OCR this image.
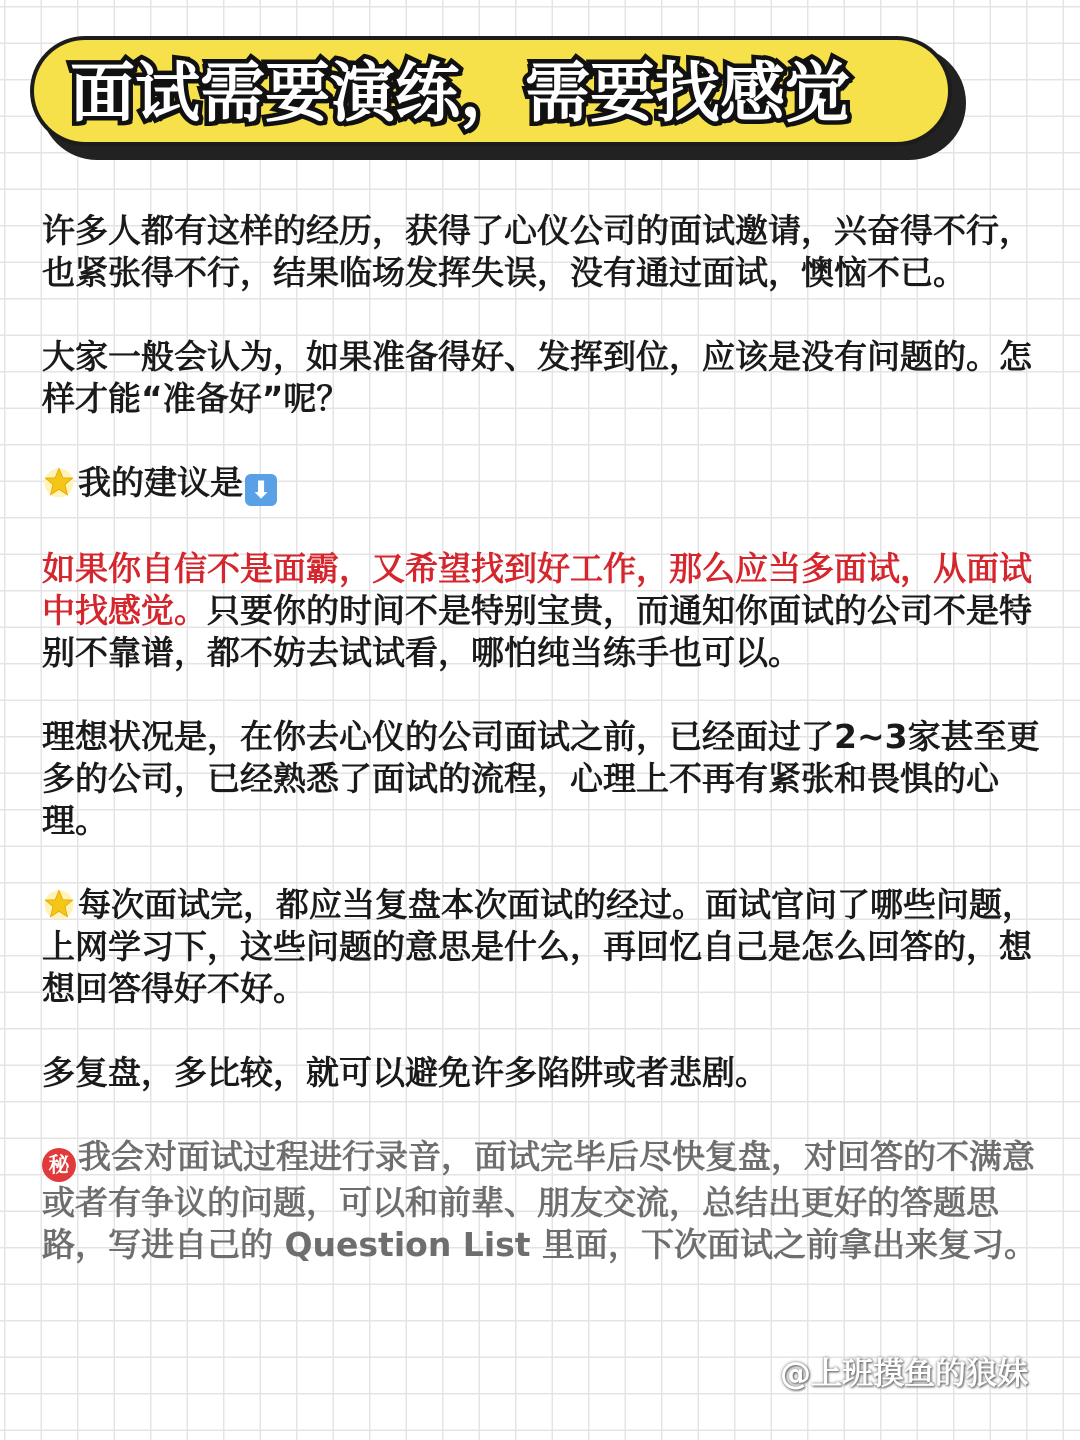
面试需要演练，需要找感觉

许多人都有这样的经历，获得了心仪公司的面试邀请，兴奋得不行，也紧张得不行，结果临场发挥失误，没有通过面试，懊恼不已。

大家一般会认为，如果准备得好、发挥到位，应该是没有问题的。怎样才能“准备好”呢？

我的建议是 ⬇

如果你自信不是面霸，又希望找到好工作，那么应当多面试，从面试中找感觉。只要你的时间不是特别宝贵，而通知你面试的公司不是特别不靠谱，都不妨去试试看，哪怕纯当练手也可以。

理想状况是，在你去心仪的公司面试之前，已经面过了2~3家甚至更多的公司，已经熟悉了面试的流程，心理上不再有紧张和畏惧的心理。

每次面试完，都应当复盘本次面试的经过。面试官问了哪些问题，上网学习下，这些问题的意思是什么，再回忆自己是怎么回答的，想想回答得好不好。

多复盘，多比较，就可以避免许多陷阱或者悲剧。

秘 我会对面试过程进行录音，面试完毕后尽快复盘，对回答的不满意或者有争议的问题，可以和前辈、朋友交流，总结出更好的答题思路，写进自己的 Question List 里面，下次面试之前拿出来复习。

@上班摸鱼的狼妹
